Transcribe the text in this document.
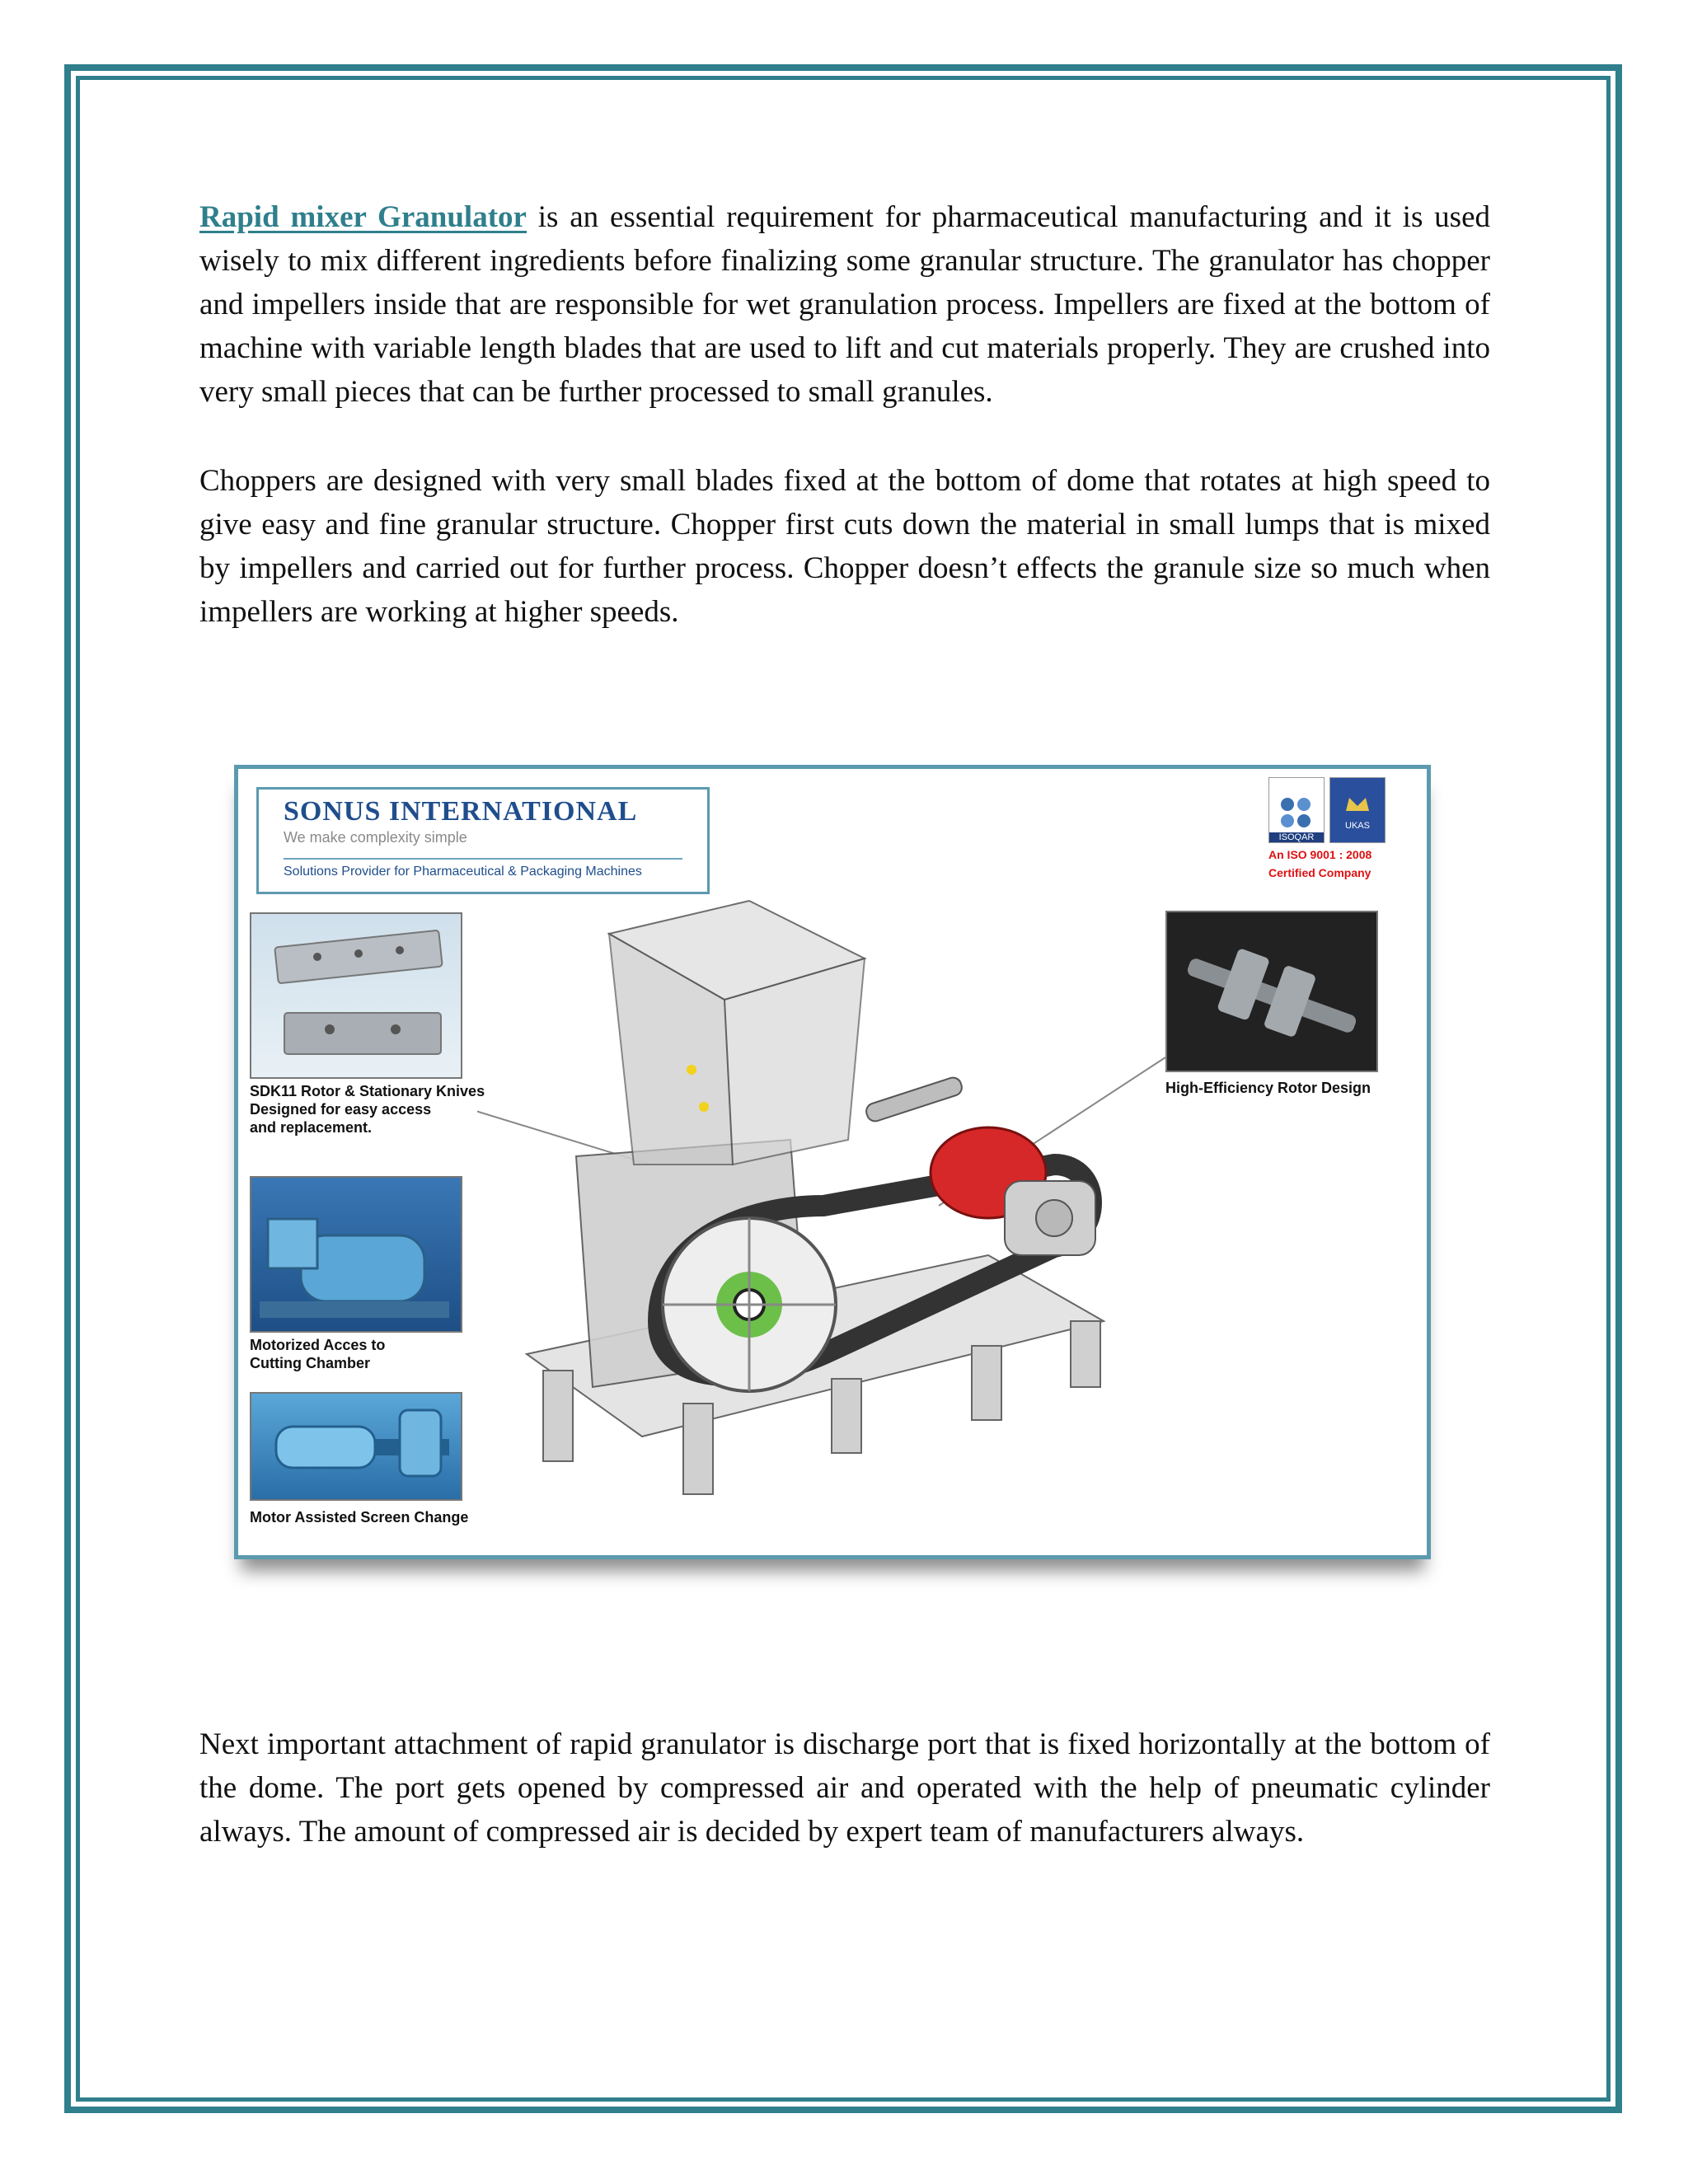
Rapid mixer Granulator is an essential requirement for pharmaceutical manufacturing and it is used wisely to mix different ingredients before finalizing some granular structure. The granulator has chopper and impellers inside that are responsible for wet granulation process. Impellers are fixed at the bottom of machine with variable length blades that are used to lift and cut materials properly. They are crushed into very small pieces that can be further processed to small granules.

Choppers are designed with very small blades fixed at the bottom of dome that rotates at high speed to give easy and fine granular structure. Chopper first cuts down the material in small lumps that is mixed by impellers and carried out for further process. Chopper doesn’t effects the granule size so much when impellers are working at higher speeds.

SONUS INTERNATIONAL
We make complexity simple
Solutions Provider for Pharmaceutical & Packaging Machines
ISOQAR
UKAS
An ISO 9001 : 2008
Certified Company
SDK11 Rotor & Stationary Knives
Designed for easy access
and replacement.
Motorized Acces to
Cutting Chamber
Motor Assisted Screen Change
High-Efficiency Rotor Design

Next important attachment of rapid granulator is discharge port that is fixed horizontally at the bottom of the dome. The port gets opened by compressed air and operated with the help of pneumatic cylinder always. The amount of compressed air is decided by expert team of manufacturers always.
